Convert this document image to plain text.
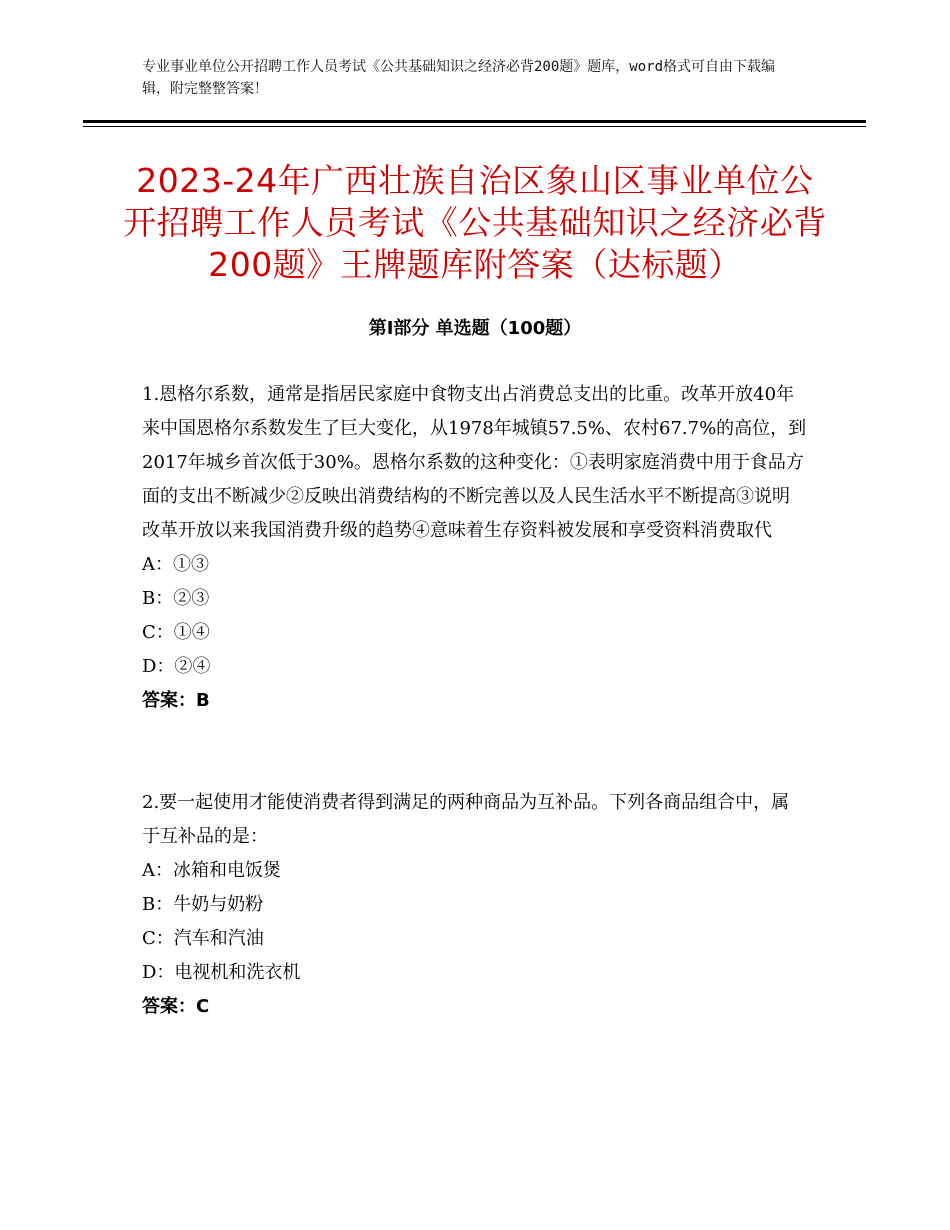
专业事业单位公开招聘工作人员考试《公共基础知识之经济必背200题》题库，word格式可自由下载编辑，附完整整答案！
2023-24年广西壮族自治区象山区事业单位公开招聘工作人员考试《公共基础知识之经济必背200题》王牌题库附答案（达标题）
第Ⅰ部分 单选题（100题）

1.恩格尔系数，通常是指居民家庭中食物支出占消费总支出的比重。改革开放40年来中国恩格尔系数发生了巨大变化，从1978年城镇57.5%、农村67.7%的高位，到2017年城乡首次低于30%。恩格尔系数的这种变化：①表明家庭消费中用于食品方面的支出不断减少②反映出消费结构的不断完善以及人民生活水平不断提高③说明改革开放以来我国消费升级的趋势④意味着生存资料被发展和享受资料消费取代

A：①③

B：②③

C：①④

D：②④

答案：B

2.要一起使用才能使消费者得到满足的两种商品为互补品。下列各商品组合中，属于互补品的是：

A：冰箱和电饭煲

B：牛奶与奶粉

C：汽车和汽油

D：电视机和洗衣机

答案：C
